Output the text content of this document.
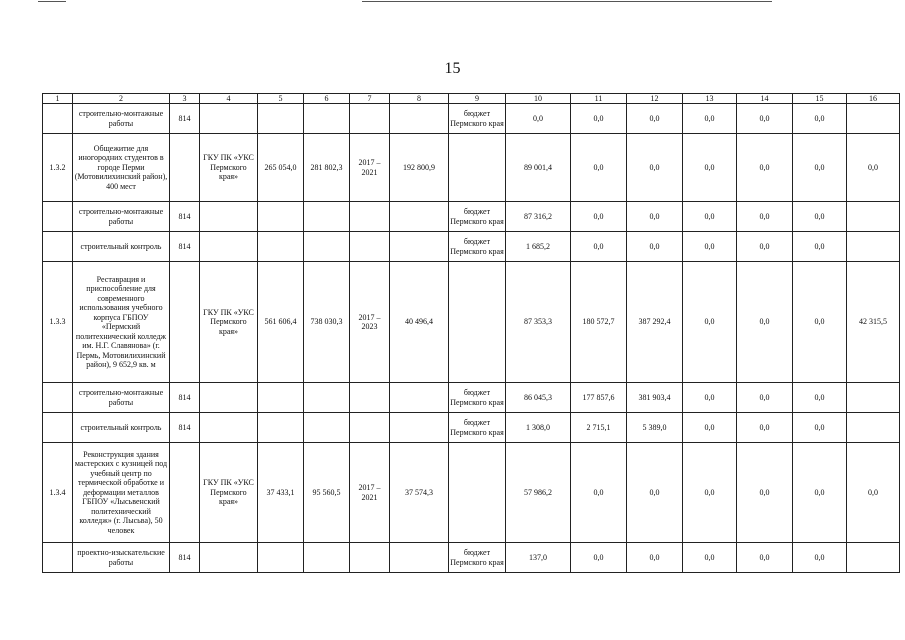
15
1	2	3	4	5	6	7	8	9	10	11	12	13	14	15	16
	строительно-монтажные работы	814						бюджет Пермского края	0,0	0,0	0,0	0,0	0,0	0,0	
1.3.2	Общежитие для иногородних студентов в городе Перми (Мотовилихинский район), 400 мест		ГКУ ПК «УКС Пермского края»	265 054,0	281 802,3	2017 – 2021	192 800,9		89 001,4	0,0	0,0	0,0	0,0	0,0	0,0
	строительно-монтажные работы	814						бюджет Пермского края	87 316,2	0,0	0,0	0,0	0,0	0,0	
	строительный контроль	814						бюджет Пермского края	1 685,2	0,0	0,0	0,0	0,0	0,0	
1.3.3	Реставрация и приспособление для современного использования учебного корпуса ГБПОУ «Пермский политехнический колледж им. Н.Г. Славянова» (г. Пермь, Мотовилихинский район), 9 652,9 кв. м		ГКУ ПК «УКС Пермского края»	561 606,4	738 030,3	2017 – 2023	40 496,4		87 353,3	180 572,7	387 292,4	0,0	0,0	0,0	42 315,5
	строительно-монтажные работы	814						бюджет Пермского края	86 045,3	177 857,6	381 903,4	0,0	0,0	0,0	
	строительный контроль	814						бюджет Пермского края	1 308,0	2 715,1	5 389,0	0,0	0,0	0,0	
1.3.4	Реконструкция здания мастерских с кузницей под учебный центр по термической обработке и деформации металлов ГБПОУ «Лысьвенский политехнический колледж» (г. Лысьва), 50 человек		ГКУ ПК «УКС Пермского края»	37 433,1	95 560,5	2017 – 2021	37 574,3		57 986,2	0,0	0,0	0,0	0,0	0,0	0,0
	проектно-изыскательские работы	814						бюджет Пермского края	137,0	0,0	0,0	0,0	0,0	0,0	
